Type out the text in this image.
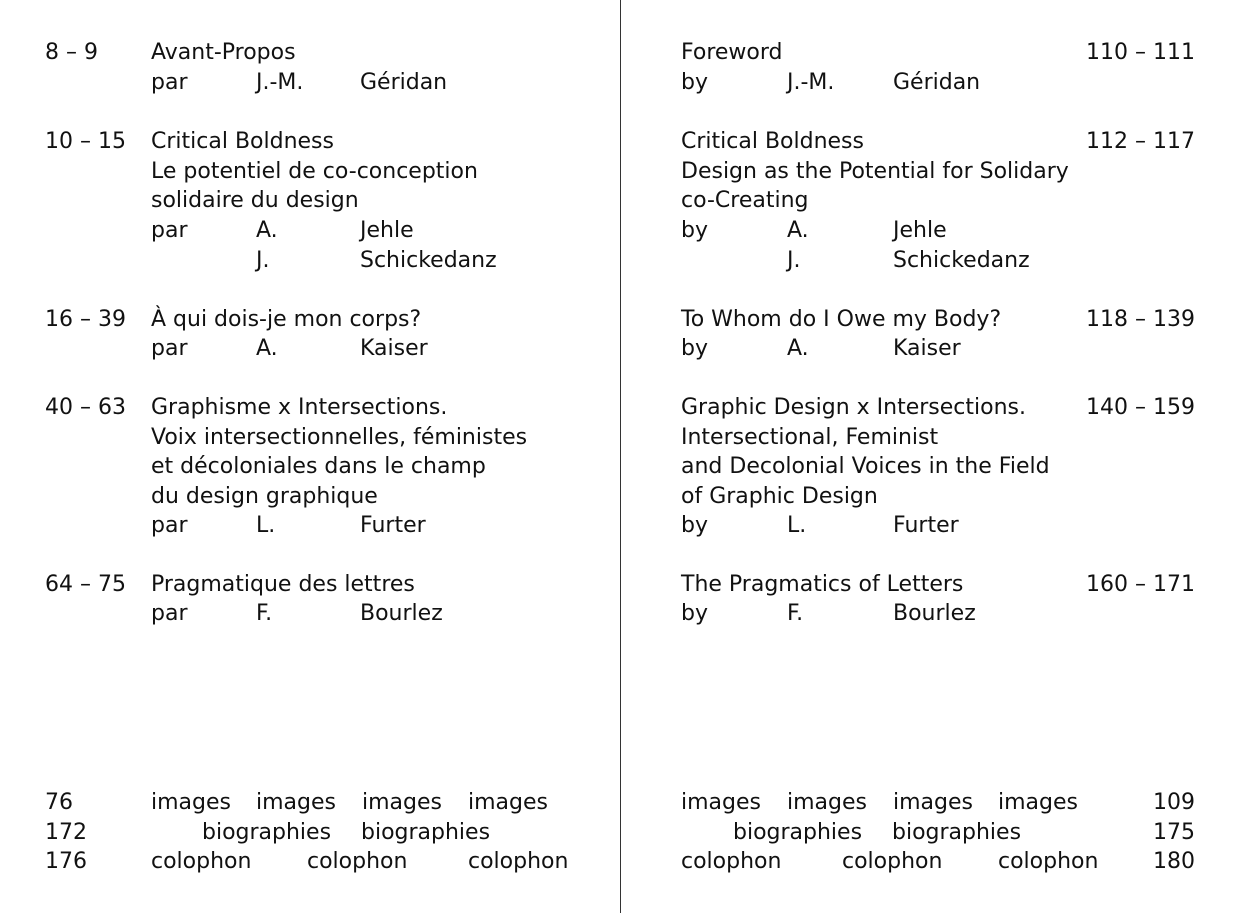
8 – 9 Avant-Propos
par	J.-M.	Géridan
10 – 15 Critical Boldness
Le potentiel de co-conception
solidaire du design
par	A.	Jehle
J.	Schickedanz
16 – 39 À qui dois-je mon corps?
par	A.	Kaiser
40 – 63 Graphisme x Intersections.
Voix intersectionnelles, féministes
et décoloniales dans le champ
du design graphique
par	L.	Furter
64 – 75 Pragmatique des lettres
par	F.	Bourlez
76	images images images images
172	biographies biographies
176	colophon	colophon	colophon
Foreword	110 – 111
by	J.-M.	Géridan
Critical Boldness	112 – 117
Design as the Potential for Solidary
co-Creating
by	A.	Jehle
J.	Schickedanz
To Whom do I Owe my Body?	118 – 139
by	A.	Kaiser
Graphic Design x Intersections.	140 – 159
Intersectional, Feminist
and Decolonial Voices in the Field
of Graphic Design
by	L.	Furter
The Pragmatics of Letters	160 – 171
by	F.	Bourlez
images images images images	109
biographies biographies	175
colophon	colophon	colophon 180
